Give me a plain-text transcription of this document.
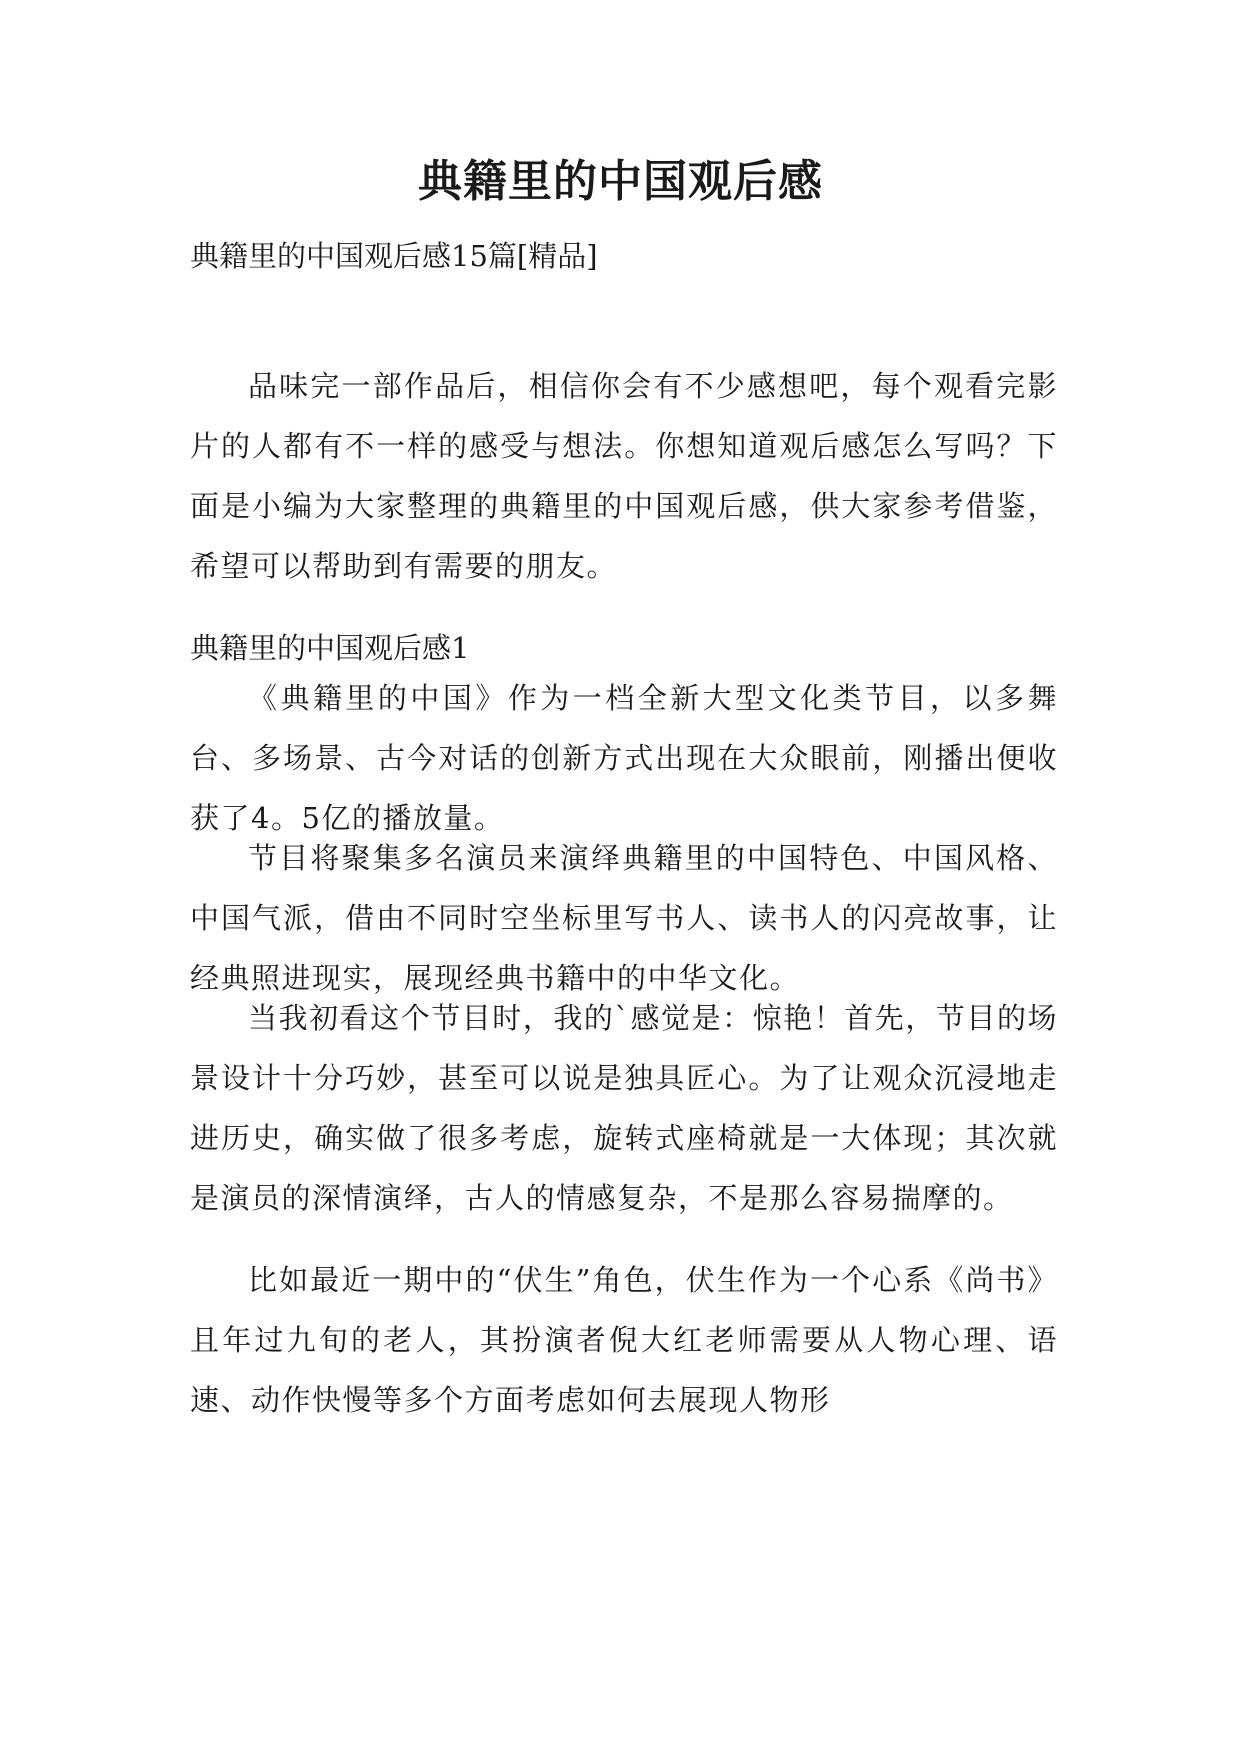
典籍里的中国观后感
典籍里的中国观后感15篇[精品]

品味完一部作品后，相信你会有不少感想吧，每个观看完影片的人都有不一样的感受与想法。你想知道观后感怎么写吗？下面是小编为大家整理的典籍里的中国观后感，供大家参考借鉴，希望可以帮助到有需要的朋友。

典籍里的中国观后感1

《典籍里的中国》作为一档全新大型文化类节目，以多舞台、多场景、古今对话的创新方式出现在大众眼前，刚播出便收获了4。5亿的播放量。

节目将聚集多名演员来演绎典籍里的中国特色、中国风格、中国气派，借由不同时空坐标里写书人、读书人的闪亮故事，让经典照进现实，展现经典书籍中的中华文化。

当我初看这个节目时，我的`感觉是：惊艳！首先，节目的场景设计十分巧妙，甚至可以说是独具匠心。为了让观众沉浸地走进历史，确实做了很多考虑，旋转式座椅就是一大体现；其次就是演员的深情演绎，古人的情感复杂，不是那么容易揣摩的。

比如最近一期中的“伏生”角色，伏生作为一个心系《尚书》且年过九旬的老人，其扮演者倪大红老师需要从人物心理、语速、动作快慢等多个方面考虑如何去展现人物形
